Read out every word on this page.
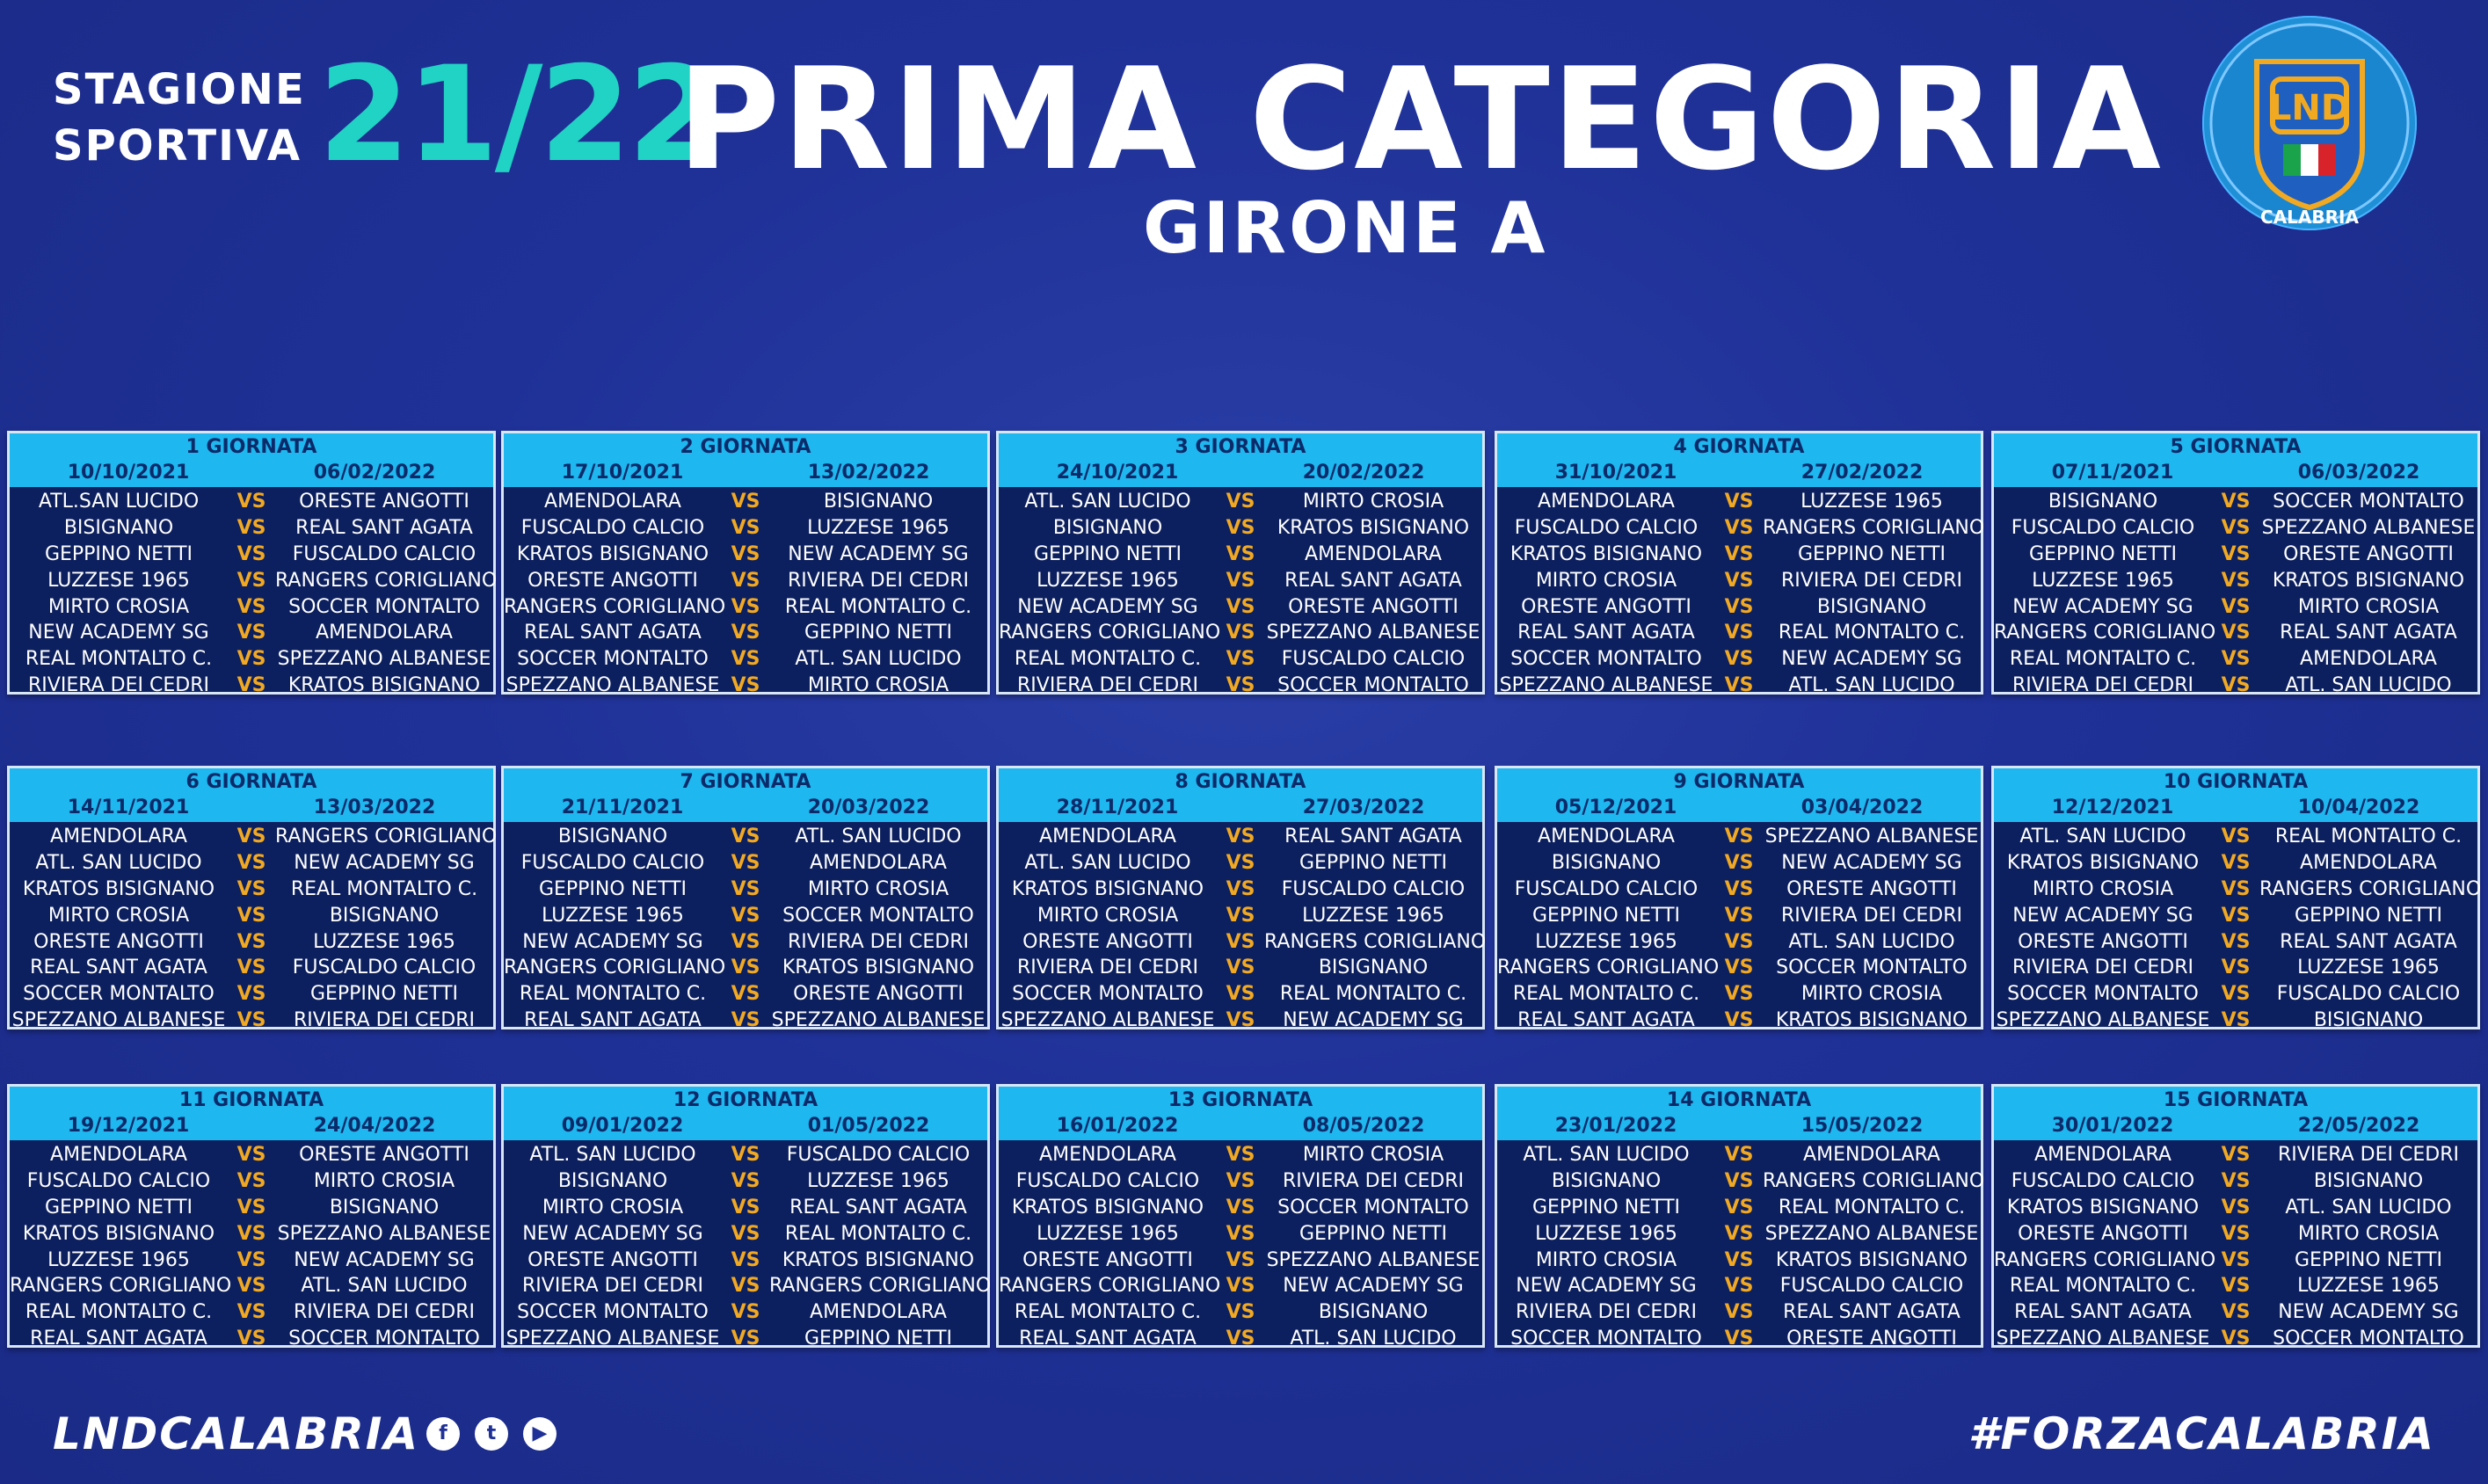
STAGIONE
SPORTIVA 21/22
PRIMA CATEGORIA
GIRONE A
LND
CALABRIA
1 GIORNATA
10/10/2021	06/02/2022
ATL.SAN LUCIDO	VS	ORESTE ANGOTTI
BISIGNANO	VS	REAL SANT AGATA
GEPPINO NETTI	VS	FUSCALDO CALCIO
LUZZESE 1965	VS RANGERS CORIGLIANO
MIRTO CROSIA	VS	SOCCER MONTALTO
NEW ACADEMY SG	VS	AMENDOLARA
REAL MONTALTO C.	VS SPEZZANO ALBANESE
RIVIERA DEI CEDRI	VS	KRATOS BISIGNANO
2 GIORNATA
17/10/2021	13/02/2022
AMENDOLARA	VS	BISIGNANO
FUSCALDO CALCIO	VS	LUZZESE 1965
KRATOS BISIGNANO	VS	NEW ACADEMY SG
ORESTE ANGOTTI	VS	RIVIERA DEI CEDRI
RANGERS CORIGLIANO VS	REAL MONTALTO C.
REAL SANT AGATA	VS	GEPPINO NETTI
SOCCER MONTALTO	VS	ATL. SAN LUCIDO
SPEZZANO ALBANESE VS	MIRTO CROSIA
3 GIORNATA
24/10/2021	20/02/2022
ATL. SAN LUCIDO	VS	MIRTO CROSIA
BISIGNANO	VS	KRATOS BISIGNANO
GEPPINO NETTI	VS	AMENDOLARA
LUZZESE 1965	VS	REAL SANT AGATA
NEW ACADEMY SG	VS	ORESTE ANGOTTI
RANGERS CORIGLIANO VS SPEZZANO ALBANESE
REAL MONTALTO C.	VS	FUSCALDO CALCIO
RIVIERA DEI CEDRI	VS	SOCCER MONTALTO
4 GIORNATA
31/10/2021	27/02/2022
AMENDOLARA	VS	LUZZESE 1965
FUSCALDO CALCIO	VS RANGERS CORIGLIANO
KRATOS BISIGNANO	VS	GEPPINO NETTI
MIRTO CROSIA	VS	RIVIERA DEI CEDRI
ORESTE ANGOTTI	VS	BISIGNANO
REAL SANT AGATA	VS	REAL MONTALTO C.
SOCCER MONTALTO	VS	NEW ACADEMY SG
SPEZZANO ALBANESE VS	ATL. SAN LUCIDO
5 GIORNATA
07/11/2021	06/03/2022
BISIGNANO	VS	SOCCER MONTALTO
FUSCALDO CALCIO	VS SPEZZANO ALBANESE
GEPPINO NETTI	VS	ORESTE ANGOTTI
LUZZESE 1965	VS	KRATOS BISIGNANO
NEW ACADEMY SG	VS	MIRTO CROSIA
RANGERS CORIGLIANO VS	REAL SANT AGATA
REAL MONTALTO C.	VS	AMENDOLARA
RIVIERA DEI CEDRI	VS	ATL. SAN LUCIDO
6 GIORNATA
14/11/2021	13/03/2022
AMENDOLARA	VS RANGERS CORIGLIANO
ATL. SAN LUCIDO	VS	NEW ACADEMY SG
KRATOS BISIGNANO	VS	REAL MONTALTO C.
MIRTO CROSIA	VS	BISIGNANO
ORESTE ANGOTTI	VS	LUZZESE 1965
REAL SANT AGATA	VS	FUSCALDO CALCIO
SOCCER MONTALTO	VS	GEPPINO NETTI
SPEZZANO ALBANESE VS	RIVIERA DEI CEDRI
7 GIORNATA
21/11/2021	20/03/2022
BISIGNANO	VS	ATL. SAN LUCIDO
FUSCALDO CALCIO	VS	AMENDOLARA
GEPPINO NETTI	VS	MIRTO CROSIA
LUZZESE 1965	VS	SOCCER MONTALTO
NEW ACADEMY SG	VS	RIVIERA DEI CEDRI
RANGERS CORIGLIANO VS	KRATOS BISIGNANO
REAL MONTALTO C.	VS	ORESTE ANGOTTI
REAL SANT AGATA	VS SPEZZANO ALBANESE
8 GIORNATA
28/11/2021	27/03/2022
AMENDOLARA	VS	REAL SANT AGATA
ATL. SAN LUCIDO	VS	GEPPINO NETTI
KRATOS BISIGNANO	VS	FUSCALDO CALCIO
MIRTO CROSIA	VS	LUZZESE 1965
ORESTE ANGOTTI	VS RANGERS CORIGLIANO
RIVIERA DEI CEDRI	VS	BISIGNANO
SOCCER MONTALTO	VS	REAL MONTALTO C.
SPEZZANO ALBANESE VS	NEW ACADEMY SG
9 GIORNATA
05/12/2021	03/04/2022
AMENDOLARA	VS SPEZZANO ALBANESE
BISIGNANO	VS	NEW ACADEMY SG
FUSCALDO CALCIO	VS	ORESTE ANGOTTI
GEPPINO NETTI	VS	RIVIERA DEI CEDRI
LUZZESE 1965	VS	ATL. SAN LUCIDO
RANGERS CORIGLIANO VS	SOCCER MONTALTO
REAL MONTALTO C.	VS	MIRTO CROSIA
REAL SANT AGATA	VS	KRATOS BISIGNANO
10 GIORNATA
12/12/2021	10/04/2022
ATL. SAN LUCIDO	VS	REAL MONTALTO C.
KRATOS BISIGNANO	VS	AMENDOLARA
MIRTO CROSIA	VS RANGERS CORIGLIANO
NEW ACADEMY SG	VS	GEPPINO NETTI
ORESTE ANGOTTI	VS	REAL SANT AGATA
RIVIERA DEI CEDRI	VS	LUZZESE 1965
SOCCER MONTALTO	VS	FUSCALDO CALCIO
SPEZZANO ALBANESE VS	BISIGNANO
11 GIORNATA
19/12/2021	24/04/2022
AMENDOLARA	VS	ORESTE ANGOTTI
FUSCALDO CALCIO	VS	MIRTO CROSIA
GEPPINO NETTI	VS	BISIGNANO
KRATOS BISIGNANO	VS SPEZZANO ALBANESE
LUZZESE 1965	VS	NEW ACADEMY SG
RANGERS CORIGLIANO VS	ATL. SAN LUCIDO
REAL MONTALTO C.	VS	RIVIERA DEI CEDRI
REAL SANT AGATA	VS	SOCCER MONTALTO
12 GIORNATA
09/01/2022	01/05/2022
ATL. SAN LUCIDO	VS	FUSCALDO CALCIO
BISIGNANO	VS	LUZZESE 1965
MIRTO CROSIA	VS	REAL SANT AGATA
NEW ACADEMY SG	VS	REAL MONTALTO C.
ORESTE ANGOTTI	VS	KRATOS BISIGNANO
RIVIERA DEI CEDRI	VS RANGERS CORIGLIANO
SOCCER MONTALTO	VS	AMENDOLARA
SPEZZANO ALBANESE VS	GEPPINO NETTI
13 GIORNATA
16/01/2022	08/05/2022
AMENDOLARA	VS	MIRTO CROSIA
FUSCALDO CALCIO	VS	RIVIERA DEI CEDRI
KRATOS BISIGNANO	VS	SOCCER MONTALTO
LUZZESE 1965	VS	GEPPINO NETTI
ORESTE ANGOTTI	VS SPEZZANO ALBANESE
RANGERS CORIGLIANO VS	NEW ACADEMY SG
REAL MONTALTO C.	VS	BISIGNANO
REAL SANT AGATA	VS	ATL. SAN LUCIDO
14 GIORNATA
23/01/2022	15/05/2022
ATL. SAN LUCIDO	VS	AMENDOLARA
BISIGNANO	VS RANGERS CORIGLIANO
GEPPINO NETTI	VS	REAL MONTALTO C.
LUZZESE 1965	VS SPEZZANO ALBANESE
MIRTO CROSIA	VS	KRATOS BISIGNANO
NEW ACADEMY SG	VS	FUSCALDO CALCIO
RIVIERA DEI CEDRI	VS	REAL SANT AGATA
SOCCER MONTALTO	VS	ORESTE ANGOTTI
15 GIORNATA
30/01/2022	22/05/2022
AMENDOLARA	VS	RIVIERA DEI CEDRI
FUSCALDO CALCIO	VS	BISIGNANO
KRATOS BISIGNANO	VS	ATL. SAN LUCIDO
ORESTE ANGOTTI	VS	MIRTO CROSIA
RANGERS CORIGLIANO VS	GEPPINO NETTI
REAL MONTALTO C.	VS	LUZZESE 1965
REAL SANT AGATA	VS	NEW ACADEMY SG
SPEZZANO ALBANESE VS	SOCCER MONTALTO
LNDCALABRIA	f	t	▶	#FORZACALABRIA
